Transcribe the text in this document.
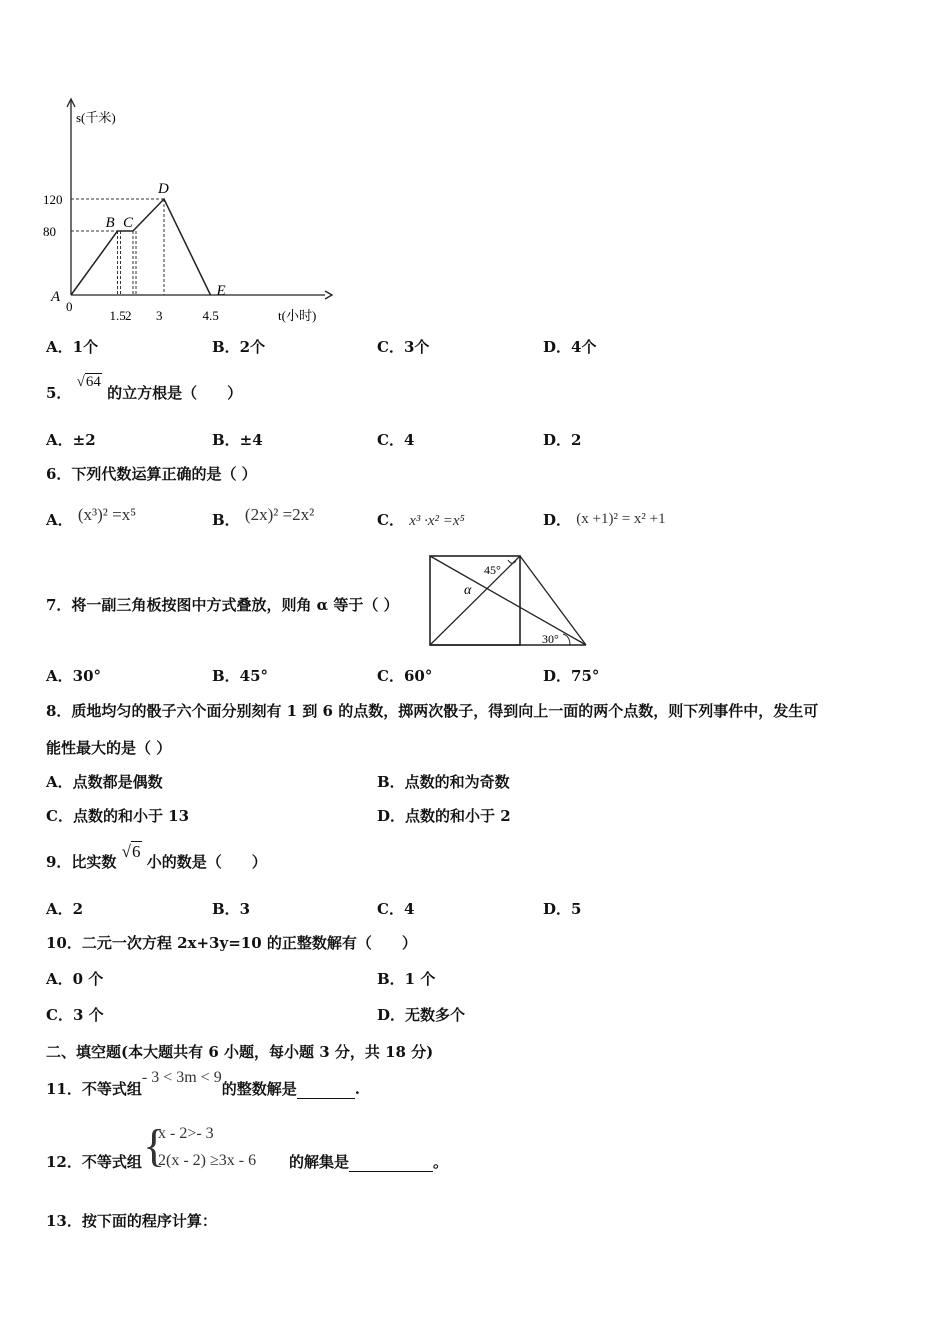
A
B C
D
E
0
120
80
1.5 2 3	4.5
s(千米)
t(小时)
A．1个	B．2个	C．3个	D．4个
5． √64 的立方根是（　　）
A．±2	B．±4	C．4	D．2
6．下列代数运算正确的是（ ）
A． (x³)² =x⁵	B． (2x)² =2x²	C． x³ ·x² =x⁵	D． (x +1)² = x² +1
7．将一副三角板按图中方式叠放，则角 α 等于（ ）
45°
α
30°
A．30°	B．45°	C．60°	D．75°
8．质地均匀的骰子六个面分别刻有 1 到 6 的点数，掷两次骰子，得到向上一面的两个点数，则下列事件中，发生可
能性最大的是（ ）
A．点数都是偶数	B．点数的和为奇数
C．点数的和小于 13	D．点数的和小于 2
9．比实数 √6 小的数是（　　）
A．2	B．3	C．4	D．5
10．二元一次方程 2x+3y=10 的正整数解有（　　）
A．0 个	B．1 个
C．3 个	D．无数多个
二、填空题(本大题共有 6 小题，每小题 3 分，共 18 分)
11．不等式组- 3 < 3m < 9的整数解是	.
12．不等式组 {
x - 2>- 3
2(x - 2) ≥3x - 6 的解集是	。
13．按下面的程序计算：
